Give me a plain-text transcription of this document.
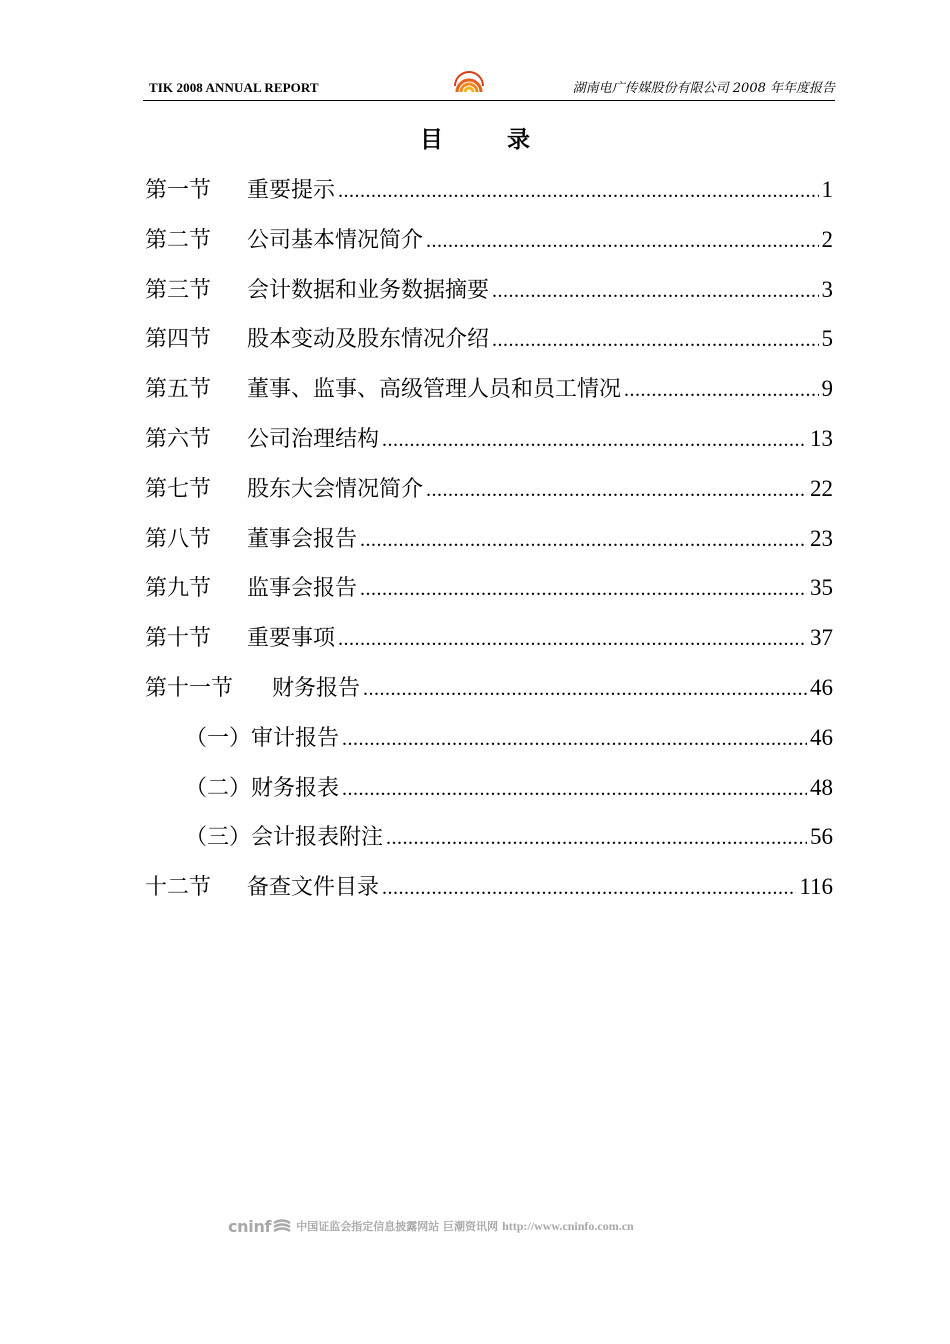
TIK 2008 ANNUAL REPORT	湖南电广传媒股份有限公司 2008 年年度报告
目	录
第一节	重要提示 .....	1
第二节	公司基本情况简介 .....	2
第三节	会计数据和业务数据摘要 .....	3
第四节	股本变动及股东情况介绍 .....	5
第五节	董事、监事、高级管理人员和员工情况 .....	9
第六节	公司治理结构 .....	13
第七节	股东大会情况简介 .....	22
第八节	董事会报告 .....	23
第九节	监事会报告 .....	35
第十节	重要事项 .....	37
第十一节	财务报告 .....	46
（一）审计报告 .....	46
（二）财务报表 .....	48
（三）会计报表附注 .....	56
十二节	备查文件目录 .....	116
cninf 中国证监会指定信息披露网站 巨潮资讯网 http://www.cninfo.com.cn
